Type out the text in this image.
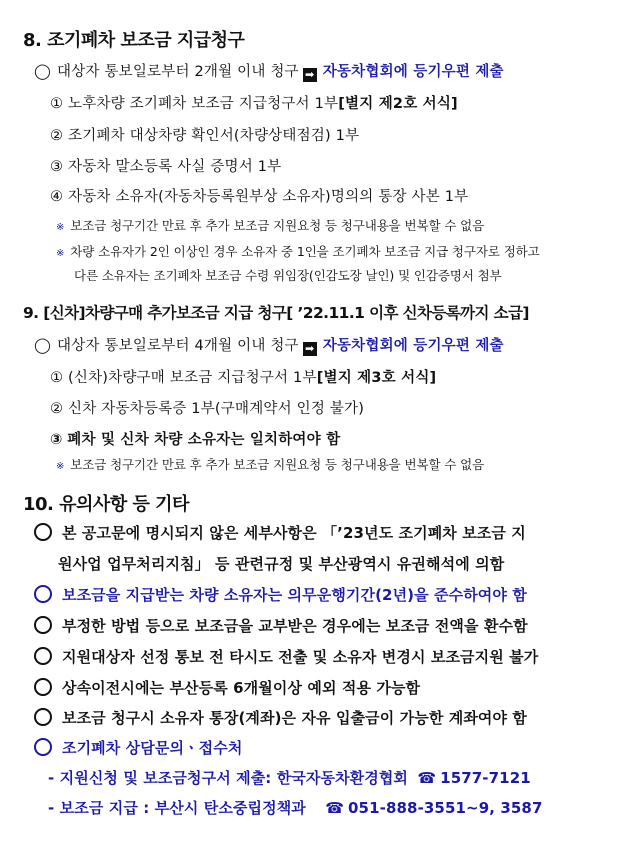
8. 조기폐차 보조금 지급청구
◯ 대상자 통보일로부터 2개월 이내 청구 ➡ 자동차협회에 등기우편 제출
① 노후차량 조기폐차 보조금 지급청구서 1부[별지 제2호 서식]
② 조기폐차 대상차량 확인서(차량상태점검) 1부
③ 자동차 말소등록 사실 증명서 1부
④ 자동차 소유자(자동차등록원부상 소유자)명의의 통장 사본 1부
※ 보조금 청구기간 만료 후 추가 보조금 지원요청 등 청구내용을 번복할 수 없음
※ 차량 소유자가 2인 이상인 경우 소유자 중 1인을 조기폐차 보조금 지급 청구자로 정하고
다른 소유자는 조기폐차 보조금 수령 위임장(인감도장 날인) 및 인감증명서 첨부
9. [신차]차량구매 추가보조금 지급 청구[ ’22.11.1 이후 신차등록까지 소급]
◯ 대상자 통보일로부터 4개월 이내 청구 ➡ 자동차협회에 등기우편 제출
① (신차)차량구매 보조금 지급청구서 1부[별지 제3호 서식]
② 신차 자동차등록증 1부(구매계약서 인정 불가)
③ 폐차 및 신차 차량 소유자는 일치하여야 함
※ 보조금 청구기간 만료 후 추가 보조금 지원요청 등 청구내용을 번복할 수 없음
10. 유의사항 등 기타
본 공고문에 명시되지 않은 세부사항은 「’23년도 조기폐차 보조금 지
원사업 업무처리지침」 등 관련규정 및 부산광역시 유권해석에 의함
보조금을 지급받는 차량 소유자는 의무운행기간(2년)을 준수하여야 함
부정한 방법 등으로 보조금을 교부받은 경우에는 보조금 전액을 환수함
지원대상자 선정 통보 전 타시도 전출 및 소유자 변경시 보조금지원 불가
상속이전시에는 부산등록 6개월이상 예외 적용 가능함
보조금 청구시 소유자 통장(계좌)은 자유 입출금이 가능한 계좌여야 함
조기폐차 상담문의ㆍ접수처
- 지원신청 및 보조금청구서 제출: 한국자동차환경협회 ☎ 1577-7121
- 보조금 지급 : 부산시 탄소중립정책과 ☎ 051-888-3551~9, 3587
